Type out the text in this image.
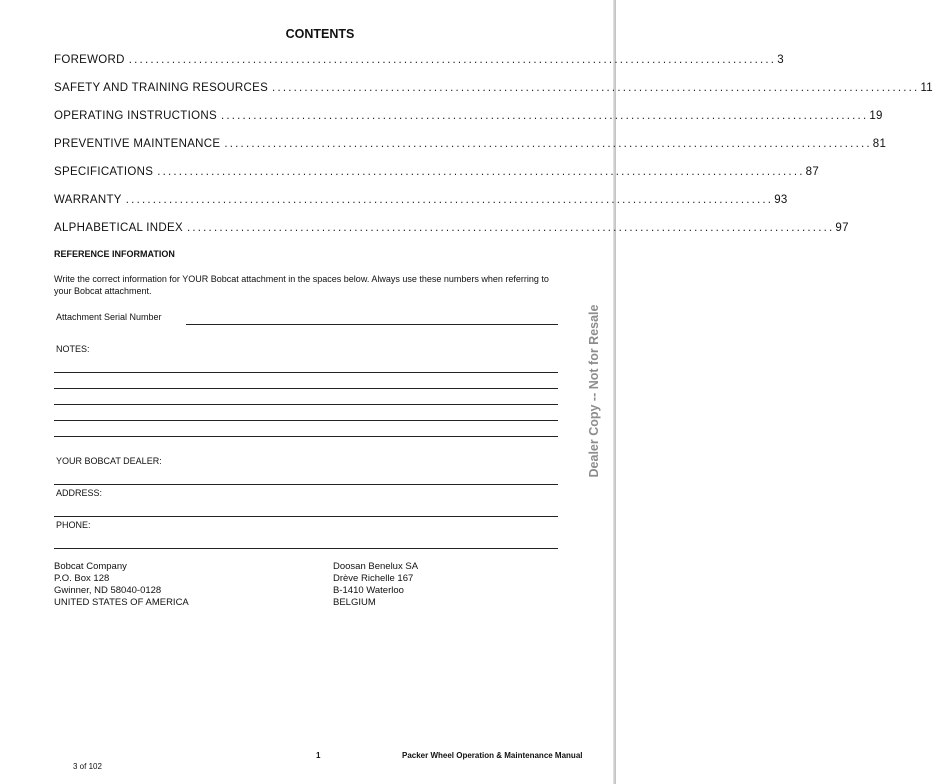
CONTENTS
FOREWORD ........................................................................................................................ 3
SAFETY AND TRAINING RESOURCES ........................................................................................................................ 11
OPERATING INSTRUCTIONS ........................................................................................................................ 19
PREVENTIVE MAINTENANCE ........................................................................................................................ 81
SPECIFICATIONS ........................................................................................................................ 87
WARRANTY ........................................................................................................................ 93
ALPHABETICAL INDEX ........................................................................................................................ 97
REFERENCE INFORMATION
Write the correct information for YOUR Bobcat attachment in the spaces below. Always use these numbers when referring to your Bobcat attachment.
Attachment Serial Number
NOTES:
YOUR BOBCAT DEALER:
ADDRESS:
PHONE:
Bobcat Company
P.O. Box 128
Gwinner, ND 58040-0128
UNITED STATES OF AMERICA
Doosan Benelux SA
Drève Richelle 167
B-1410 Waterloo
BELGIUM
1	Packer Wheel Operation & Maintenance Manual
3 of 102
Dealer Copy -- Not for Resale
